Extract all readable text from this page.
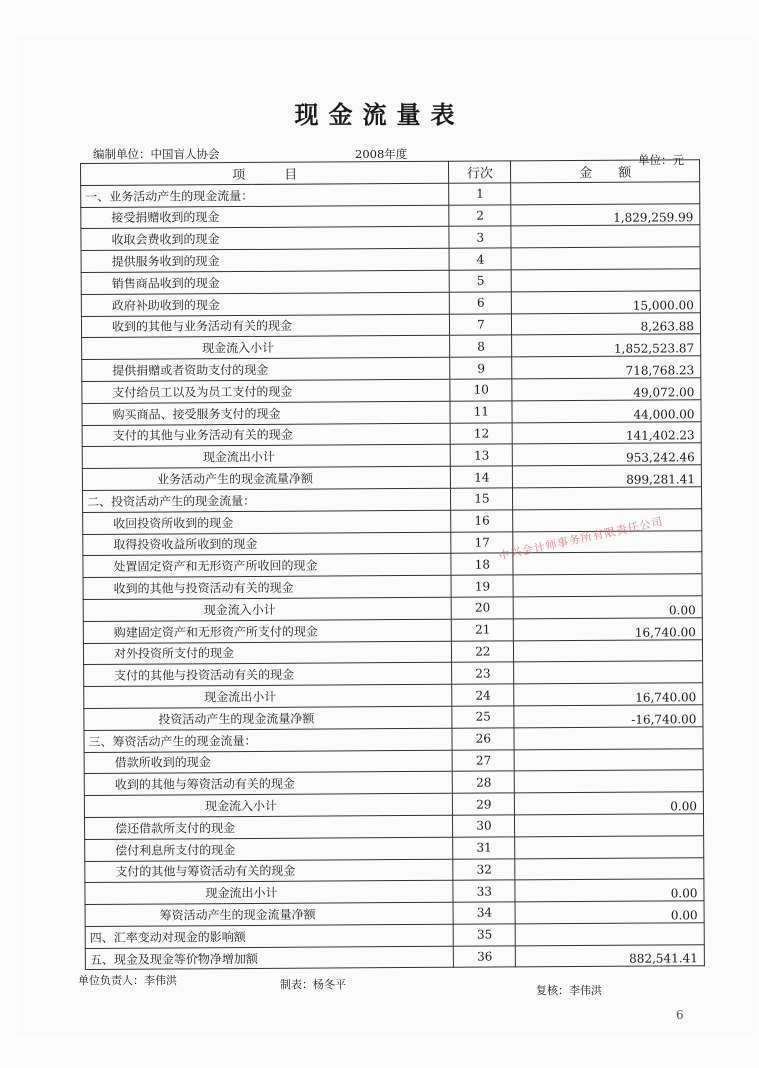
现金流量表
编制单位：中国盲人协会	2008年度	单位：元
项　　　目	行次	金　　额
一、业务活动产生的现金流量：	1	
接受捐赠收到的现金	2	1,829,259.99
收取会费收到的现金	3	
提供服务收到的现金	4	
销售商品收到的现金	5	
政府补助收到的现金	6	15,000.00
收到的其他与业务活动有关的现金	7	8,263.88
现金流入小计	8	1,852,523.87
提供捐赠或者资助支付的现金	9	718,768.23
支付给员工以及为员工支付的现金	10	49,072.00
购买商品、接受服务支付的现金	11	44,000.00
支付的其他与业务活动有关的现金	12	141,402.23
现金流出小计	13	953,242.46
业务活动产生的现金流量净额	14	899,281.41
二、投资活动产生的现金流量：	15	
收回投资所收到的现金	16	
取得投资收益所收到的现金	17	
处置固定资产和无形资产所收回的现金	18	
收到的其他与投资活动有关的现金	19	
现金流入小计	20	0.00
购建固定资产和无形资产所支付的现金	21	16,740.00
对外投资所支付的现金	22	
支付的其他与投资活动有关的现金	23	
现金流出小计	24	16,740.00
投资活动产生的现金流量净额	25	-16,740.00
三、筹资活动产生的现金流量：	26	
借款所收到的现金	27	
收到的其他与筹资活动有关的现金	28	
现金流入小计	29	0.00
偿还借款所支付的现金	30	
偿付利息所支付的现金	31	
支付的其他与筹资活动有关的现金	32	
现金流出小计	33	0.00
筹资活动产生的现金流量净额	34	0.00
四、汇率变动对现金的影响额	35	
五、现金及现金等价物净增加额	36	882,541.41
中兴会计师事务所有限责任公司
单位负责人：李伟洪	制表：杨冬平	复核：李伟洪
6
